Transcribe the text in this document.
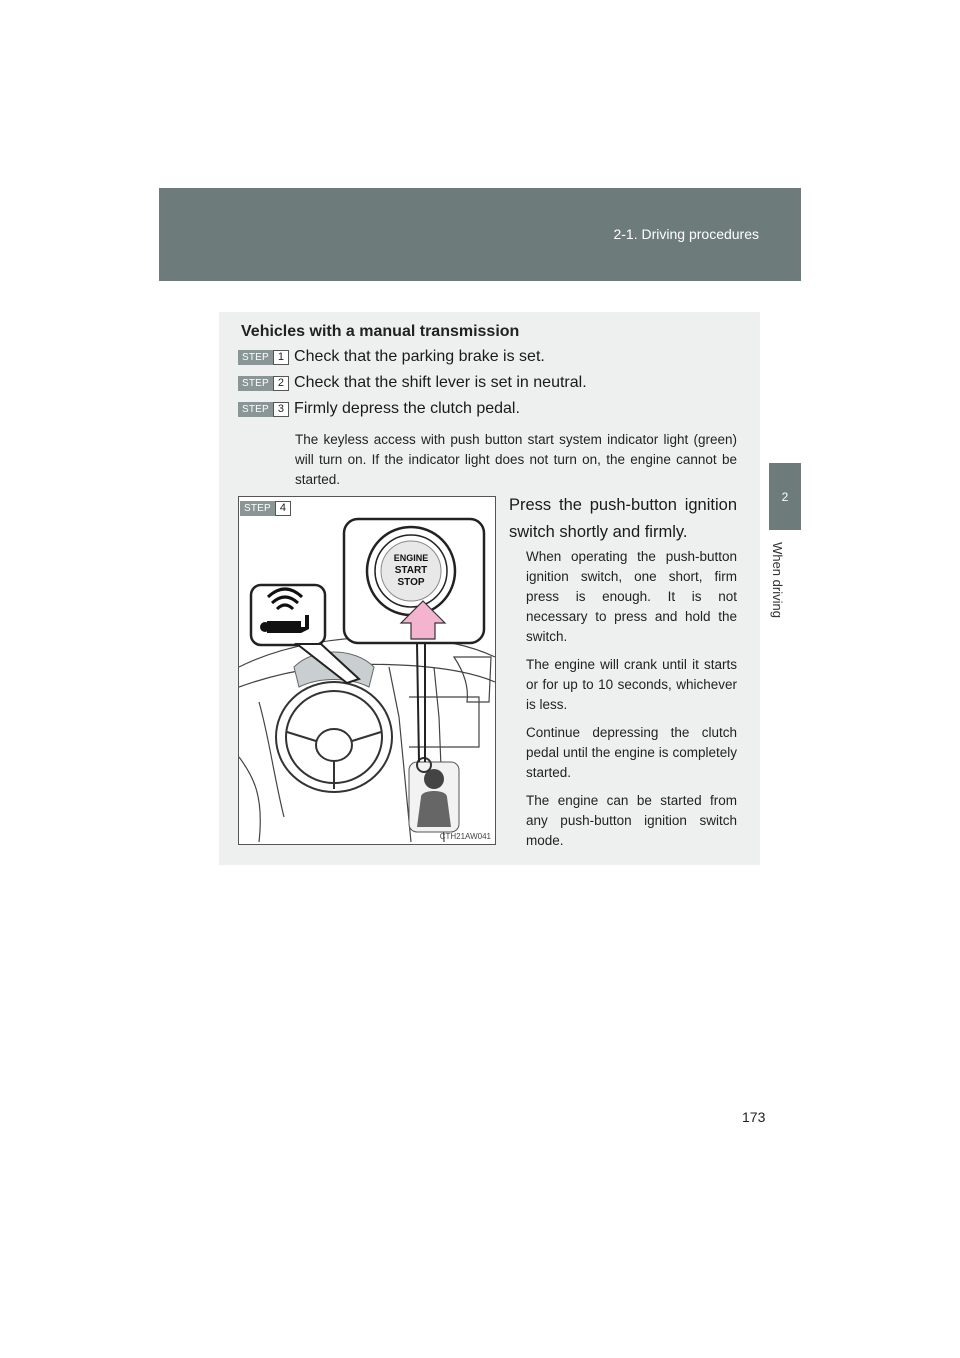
2-1. Driving procedures
2
When driving
Vehicles with a manual transmission
STEP 1 Check that the parking brake is set.
STEP 2 Check that the shift lever is set in neutral.
STEP 3 Firmly depress the clutch pedal.
The keyless access with push button start system indicator light (green) will turn on. If the indicator light does not turn on, the engine cannot be started.
STEP 4
ENGINE
START
STOP
CTH21AW041
Press the push-button ignition switch shortly and firmly.

When operating the push-button ignition switch, one short, firm press is enough. It is not necessary to press and hold the switch.

The engine will crank until it starts or for up to 10 seconds, whichever is less.

Continue depressing the clutch pedal until the engine is completely started.

The engine can be started from any push-button ignition switch mode.

173
